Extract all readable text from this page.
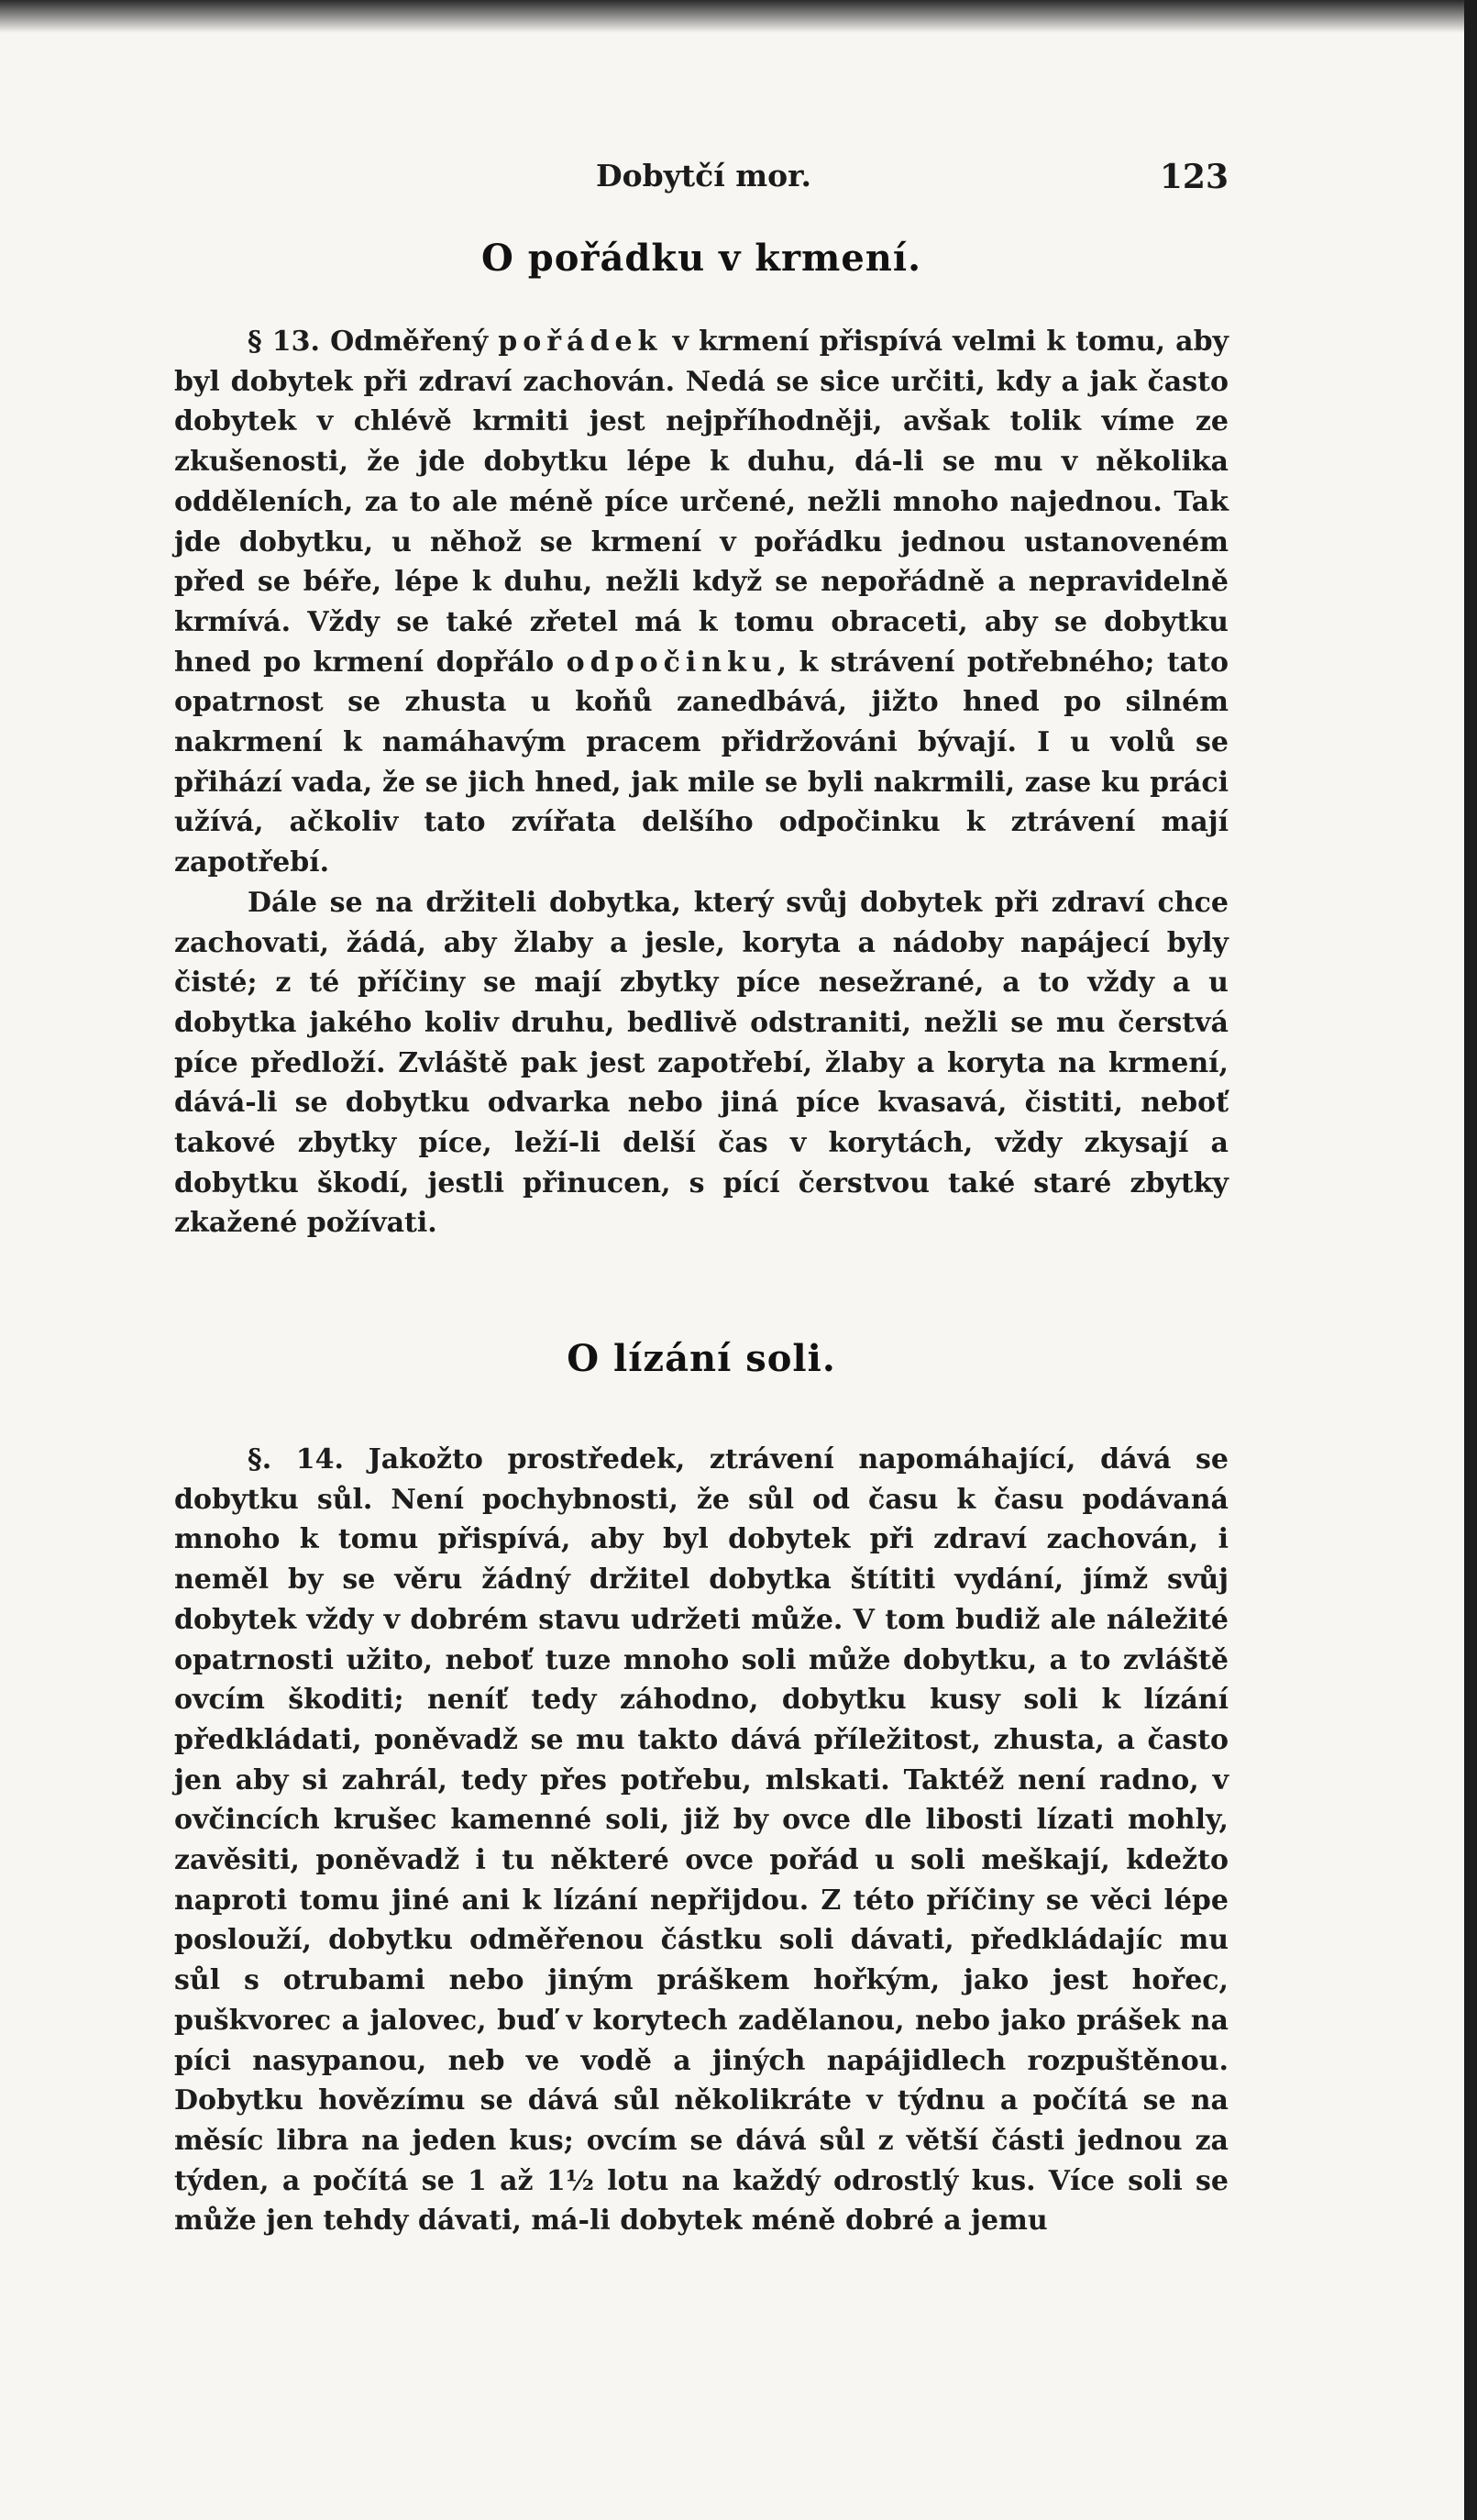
Dobytčí mor.	123
O pořádku v krmení.

§ 13. Odměřený pořádek v krmení přispívá velmi k tomu, aby byl dobytek při zdraví zachován. Nedá se sice určiti, kdy a jak často dobytek v chlévě krmiti jest nejpříhodněji, avšak tolik víme ze zkušenosti, že jde dobytku lépe k duhu, dá-li se mu v několika odděleních, za to ale méně píce určené, nežli mnoho najednou. Tak jde dobytku, u něhož se krmení v pořádku jednou ustanoveném před se béře, lépe k duhu, nežli když se nepořádně a nepravidelně krmívá. Vždy se také zřetel má k tomu obraceti, aby se dobytku hned po krmení dopřálo odpočinku, k strávení potřebného; tato opatrnost se zhusta u koňů zanedbává, jižto hned po silném nakrmení k namáhavým pracem přidržováni bývají. I u volů se přihází vada, že se jich hned, jak mile se byli nakrmili, zase ku práci užívá, ačkoliv tato zvířata delšího odpočinku k ztrávení mají zapotřebí.

Dále se na držiteli dobytka, který svůj dobytek při zdraví chce zachovati, žádá, aby žlaby a jesle, koryta a nádoby napájecí byly čisté; z té příčiny se mají zbytky píce nesežrané, a to vždy a u dobytka jakého koliv druhu, bedlivě odstraniti, nežli se mu čerstvá píce předloží. Zvláště pak jest zapotřebí, žlaby a koryta na krmení, dává-li se dobytku odvarka nebo jiná píce kvasavá, čistiti, neboť takové zbytky píce, leží-li delší čas v korytách, vždy zkysají a dobytku škodí, jestli přinucen, s pící čerstvou také staré zbytky zkažené požívati.

O lízání soli.

§. 14. Jakožto prostředek, ztrávení napomáhající, dává se dobytku sůl. Není pochybnosti, že sůl od času k času podávaná mnoho k tomu přispívá, aby byl dobytek při zdraví zachován, i neměl by se věru žádný držitel dobytka štítiti vydání, jímž svůj dobytek vždy v dobrém stavu udržeti může. V tom budiž ale náležité opatrnosti užito, neboť tuze mnoho soli může dobytku, a to zvláště ovcím škoditi; neníť tedy záhodno, dobytku kusy soli k lízání předkládati, poněvadž se mu takto dává příležitost, zhusta, a často jen aby si zahrál, tedy přes potřebu, mlskati. Taktéž není radno, v ovčincích krušec kamenné soli, již by ovce dle libosti lízati mohly, zavěsiti, poněvadž i tu některé ovce pořád u soli meškají, kdežto naproti tomu jiné ani k lízání nepřijdou. Z této příčiny se věci lépe poslouží, dobytku odměřenou částku soli dávati, předkládajíc mu sůl s otrubami nebo jiným práškem hořkým, jako jest hořec, puškvorec a jalovec, buď v korytech zadělanou, nebo jako prášek na píci nasypanou, neb ve vodě a jiných napájidlech rozpuštěnou. Dobytku hovězímu se dává sůl několikráte v týdnu a počítá se na měsíc libra na jeden kus; ovcím se dává sůl z větší části jednou za týden, a počítá se 1 až 1½ lotu na každý odrostlý kus. Více soli se může jen tehdy dávati, má-li dobytek méně dobré a jemu
